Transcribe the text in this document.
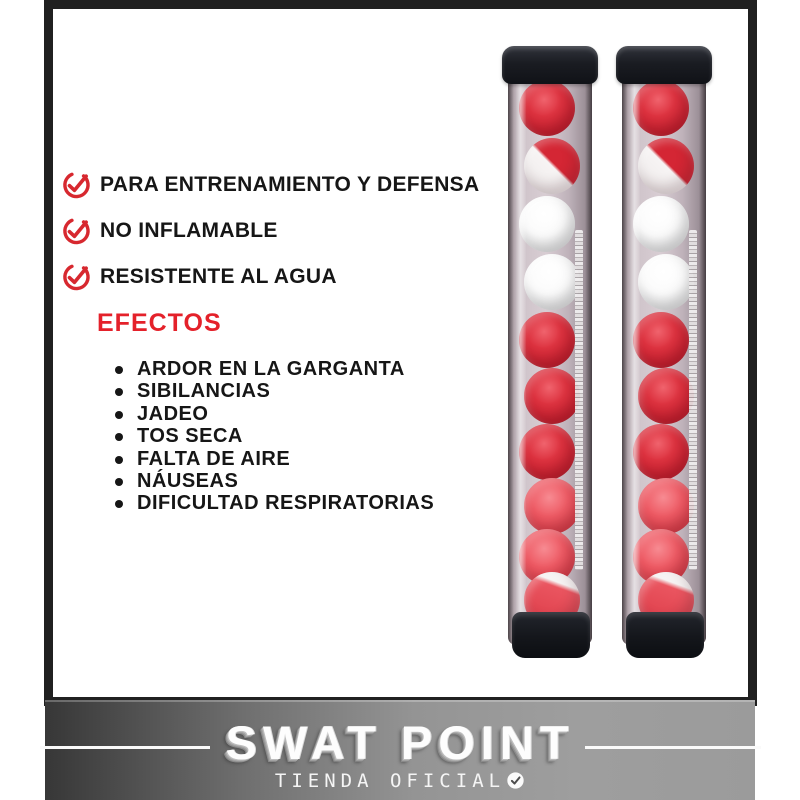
PARA ENTRENAMIENTO Y DEFENSA
NO INFLAMABLE
RESISTENTE AL AGUA
EFECTOS
ARDOR EN LA GARGANTA
SIBILANCIAS
JADEO
TOS SECA
FALTA DE AIRE
NÁUSEAS
DIFICULTAD RESPIRATORIAS
SWAT POINT
TIENDA OFICIAL
